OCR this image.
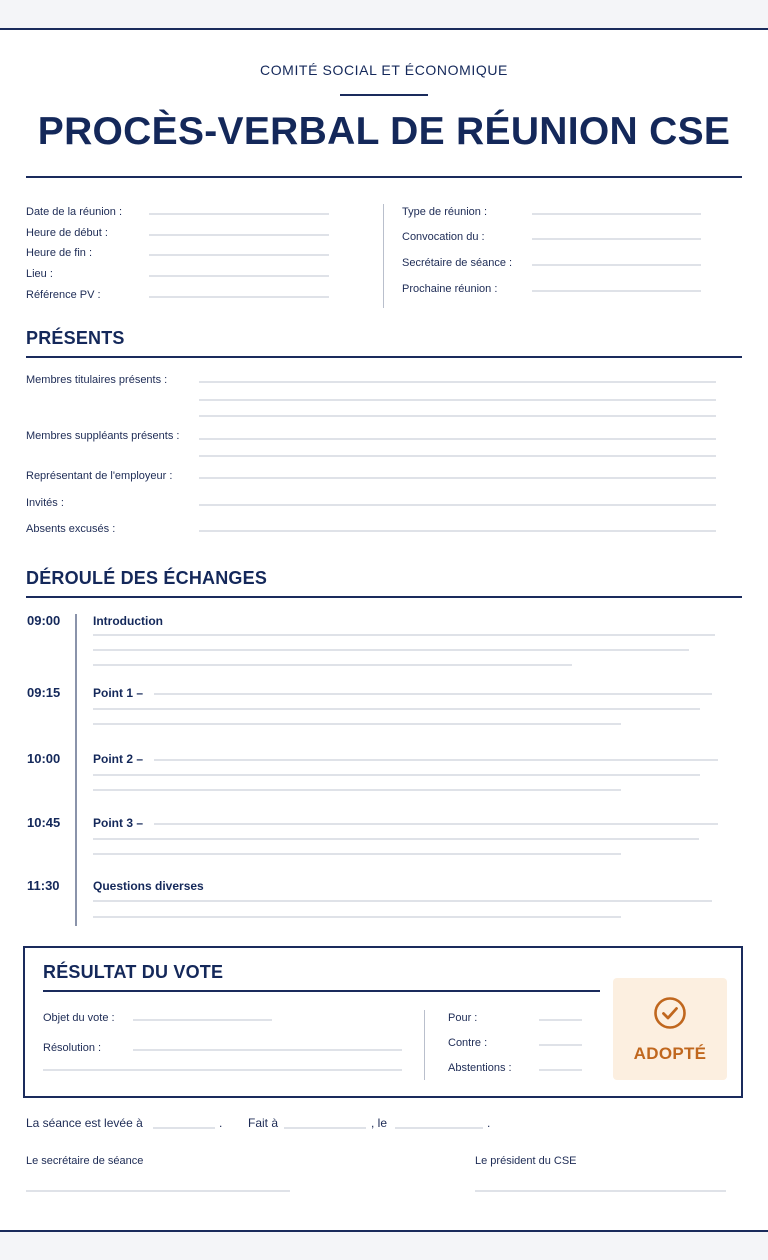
COMITÉ SOCIAL ET ÉCONOMIQUE
PROCÈS-VERBAL DE RÉUNION CSE
Date de la réunion :
Heure de début :
Heure de fin :
Lieu :
Référence PV :
Type de réunion :
Convocation du :
Secrétaire de séance :
Prochaine réunion :
PRÉSENTS
Membres titulaires présents :
Membres suppléants présents :
Représentant de l'employeur :
Invités :
Absents excusés :
DÉROULÉ DES ÉCHANGES
09:00	Introduction
09:15	Point 1 –
10:00	Point 2 –
10:45	Point 3 –
11:30	Questions diverses
RÉSULTAT DU VOTE
Objet du vote :
Résolution :
Pour :
Contre :
Abstentions :
ADOPTÉ
La séance est levée à	. Fait à	, le	.
Le secrétaire de séance	Le président du CSE
